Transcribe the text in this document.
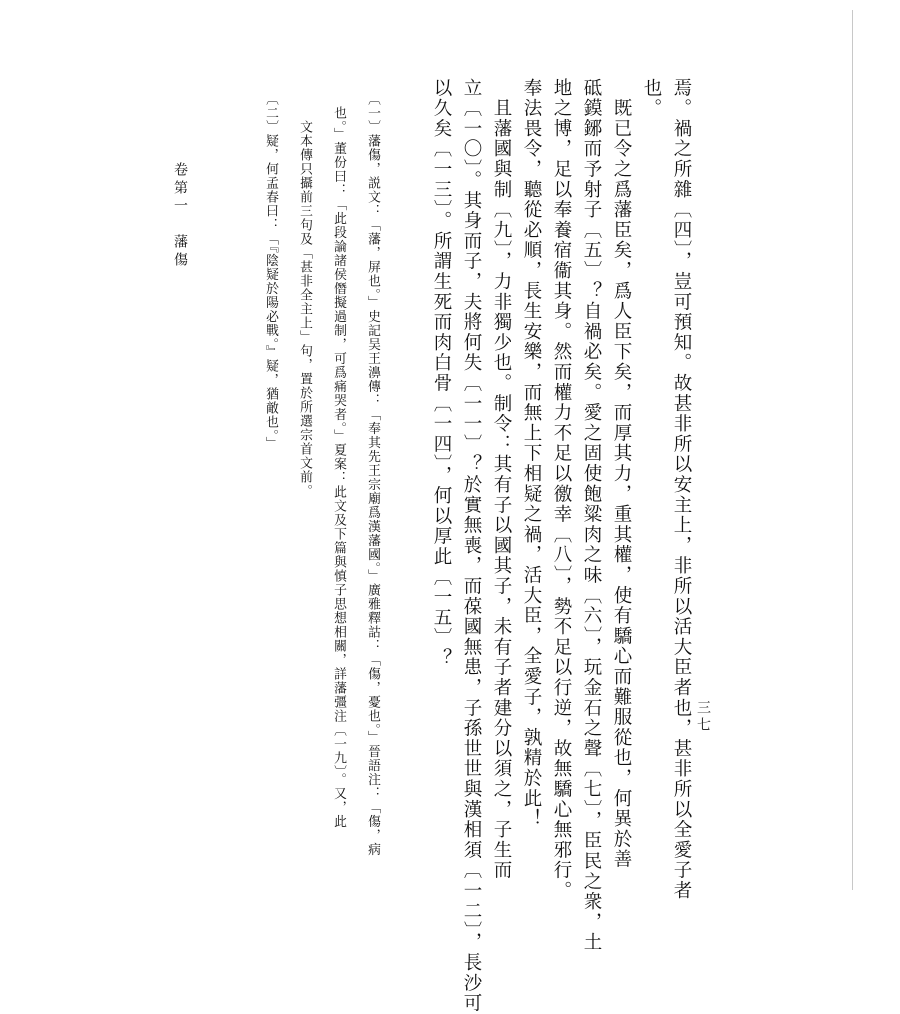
三七
卷第一　藩傷	焉。禍之所雜〔四〕，豈可預知。故甚非所以安主上，非所以活大臣者也，甚非所以全愛子者

也。

　既已令之爲藩臣矣，爲人臣下矣，而厚其力，重其權，使有驕心而難服從也，何異於善

砥鏌鋣而予射子〔五〕？自禍必矣。愛之固使飽粱肉之味〔六〕，玩金石之聲〔七〕，臣民之衆，土

地之博，足以奉養宿衞其身。然而權力不足以徼幸〔八〕，勢不足以行逆，故無驕心無邪行。

奉法畏令，聽從必順，長生安樂，而無上下相疑之禍，活大臣，全愛子，孰精於此！

　且藩國與制〔九〕，力非獨少也。制令：其有子以國其子，未有子者建分以須之，子生而

立〔一〇〕。其身而子，夫將何失〔一一〕？於實無喪，而葆國無患，子孫世世與漢相須〔一二〕，長沙可

以久矣〔一三〕。所謂生死而肉白骨〔一四〕，何以厚此〔一五〕？

〔一〕藩傷，説文：「藩，屏也。」史記吴王濞傳：「奉其先王宗廟爲漢藩國。」廣雅釋詁：「傷，憂也。」晉語注：「傷，病

　也。」董份曰：「此段論諸侯僭擬過制，可爲痛哭者。」夏案：此文及下篇與慎子思想相關，詳藩彊注〔一九〕。又，此

　　文本傳只攝前三句及「甚非全主上」句，置於所選宗首文前。

〔二〕疑，何孟春曰：「『陰疑於陽必戰。』疑，猶敵也。」
